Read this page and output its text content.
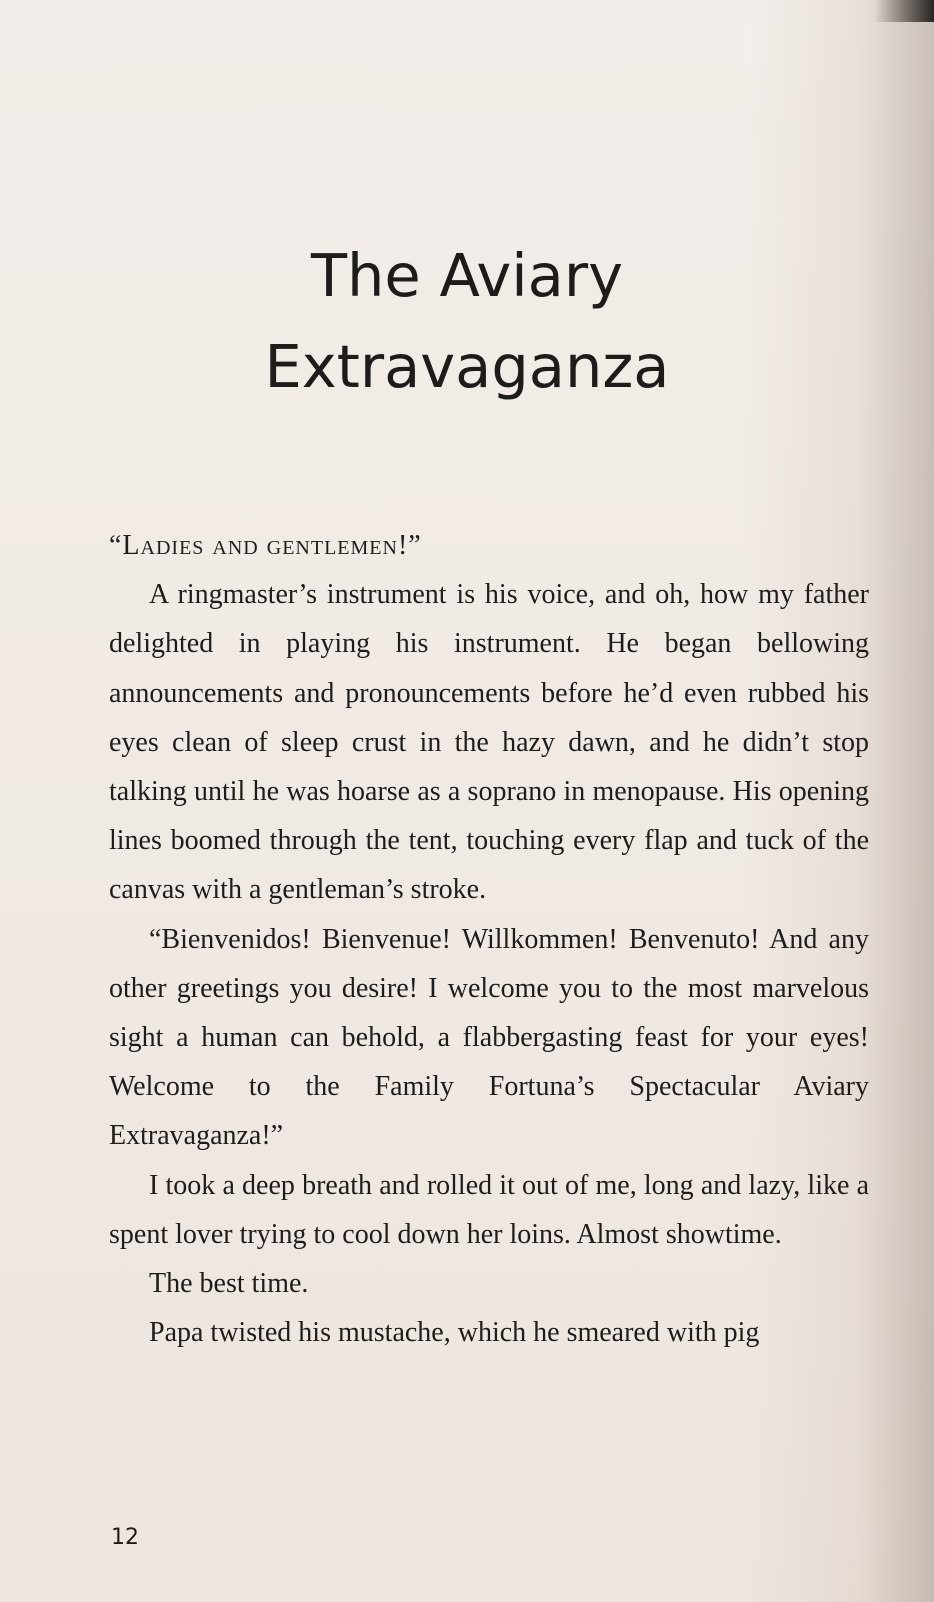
The Aviary
Extravaganza

“Ladies and gentlemen!”

A ringmaster’s instrument is his voice, and oh, how my father delighted in playing his instrument. He began bellowing announcements and pronouncements before he’d even rubbed his eyes clean of sleep crust in the hazy dawn, and he didn’t stop talking until he was hoarse as a soprano in menopause. His opening lines boomed through the tent, touching every flap and tuck of the canvas with a gentleman’s stroke.

“Bienvenidos! Bienvenue! Willkommen! Benvenuto! And any other greetings you desire! I welcome you to the most marvelous sight a human can behold, a flabbergasting feast for your eyes! Welcome to the Family Fortuna’s Spectacular Aviary Extravaganza!”

I took a deep breath and rolled it out of me, long and lazy, like a spent lover trying to cool down her loins. Almost showtime.

The best time.

Papa twisted his mustache, which he smeared with pig

12
